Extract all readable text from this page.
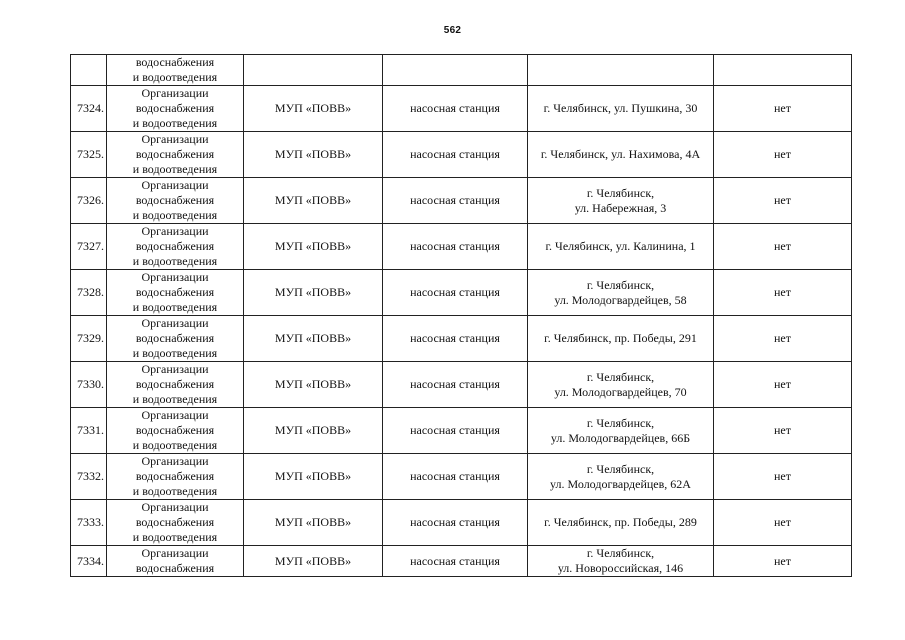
562

	водоснабжения
и водоотведения				

7324.	Организации
водоснабжения
и водоотведения	МУП «ПОВВ»	насосная станция	г. Челябинск, ул. Пушкина, 30	нет
7325.	Организации
водоснабжения
и водоотведения	МУП «ПОВВ»	насосная станция	г. Челябинск, ул. Нахимова, 4А	нет
7326.	Организации
водоснабжения
и водоотведения	МУП «ПОВВ»	насосная станция	г. Челябинск,
ул. Набережная, 3	нет
7327.	Организации
водоснабжения
и водоотведения	МУП «ПОВВ»	насосная станция	г. Челябинск, ул. Калинина, 1	нет
7328.	Организации
водоснабжения
и водоотведения	МУП «ПОВВ»	насосная станция	г. Челябинск,
ул. Молодогвардейцев, 58	нет
7329.	Организации
водоснабжения
и водоотведения	МУП «ПОВВ»	насосная станция	г. Челябинск, пр. Победы, 291	нет
7330.	Организации
водоснабжения
и водоотведения	МУП «ПОВВ»	насосная станция	г. Челябинск,
ул. Молодогвардейцев, 70	нет
7331.	Организации
водоснабжения
и водоотведения	МУП «ПОВВ»	насосная станция	г. Челябинск,
ул. Молодогвардейцев, 66Б	нет
7332.	Организации
водоснабжения
и водоотведения	МУП «ПОВВ»	насосная станция	г. Челябинск,
ул. Молодогвардейцев, 62А	нет
7333.	Организации
водоснабжения
и водоотведения	МУП «ПОВВ»	насосная станция	г. Челябинск, пр. Победы, 289	нет
7334.	Организации
водоснабжения	МУП «ПОВВ»	насосная станция	г. Челябинск,
ул. Новороссийская, 146	нет
